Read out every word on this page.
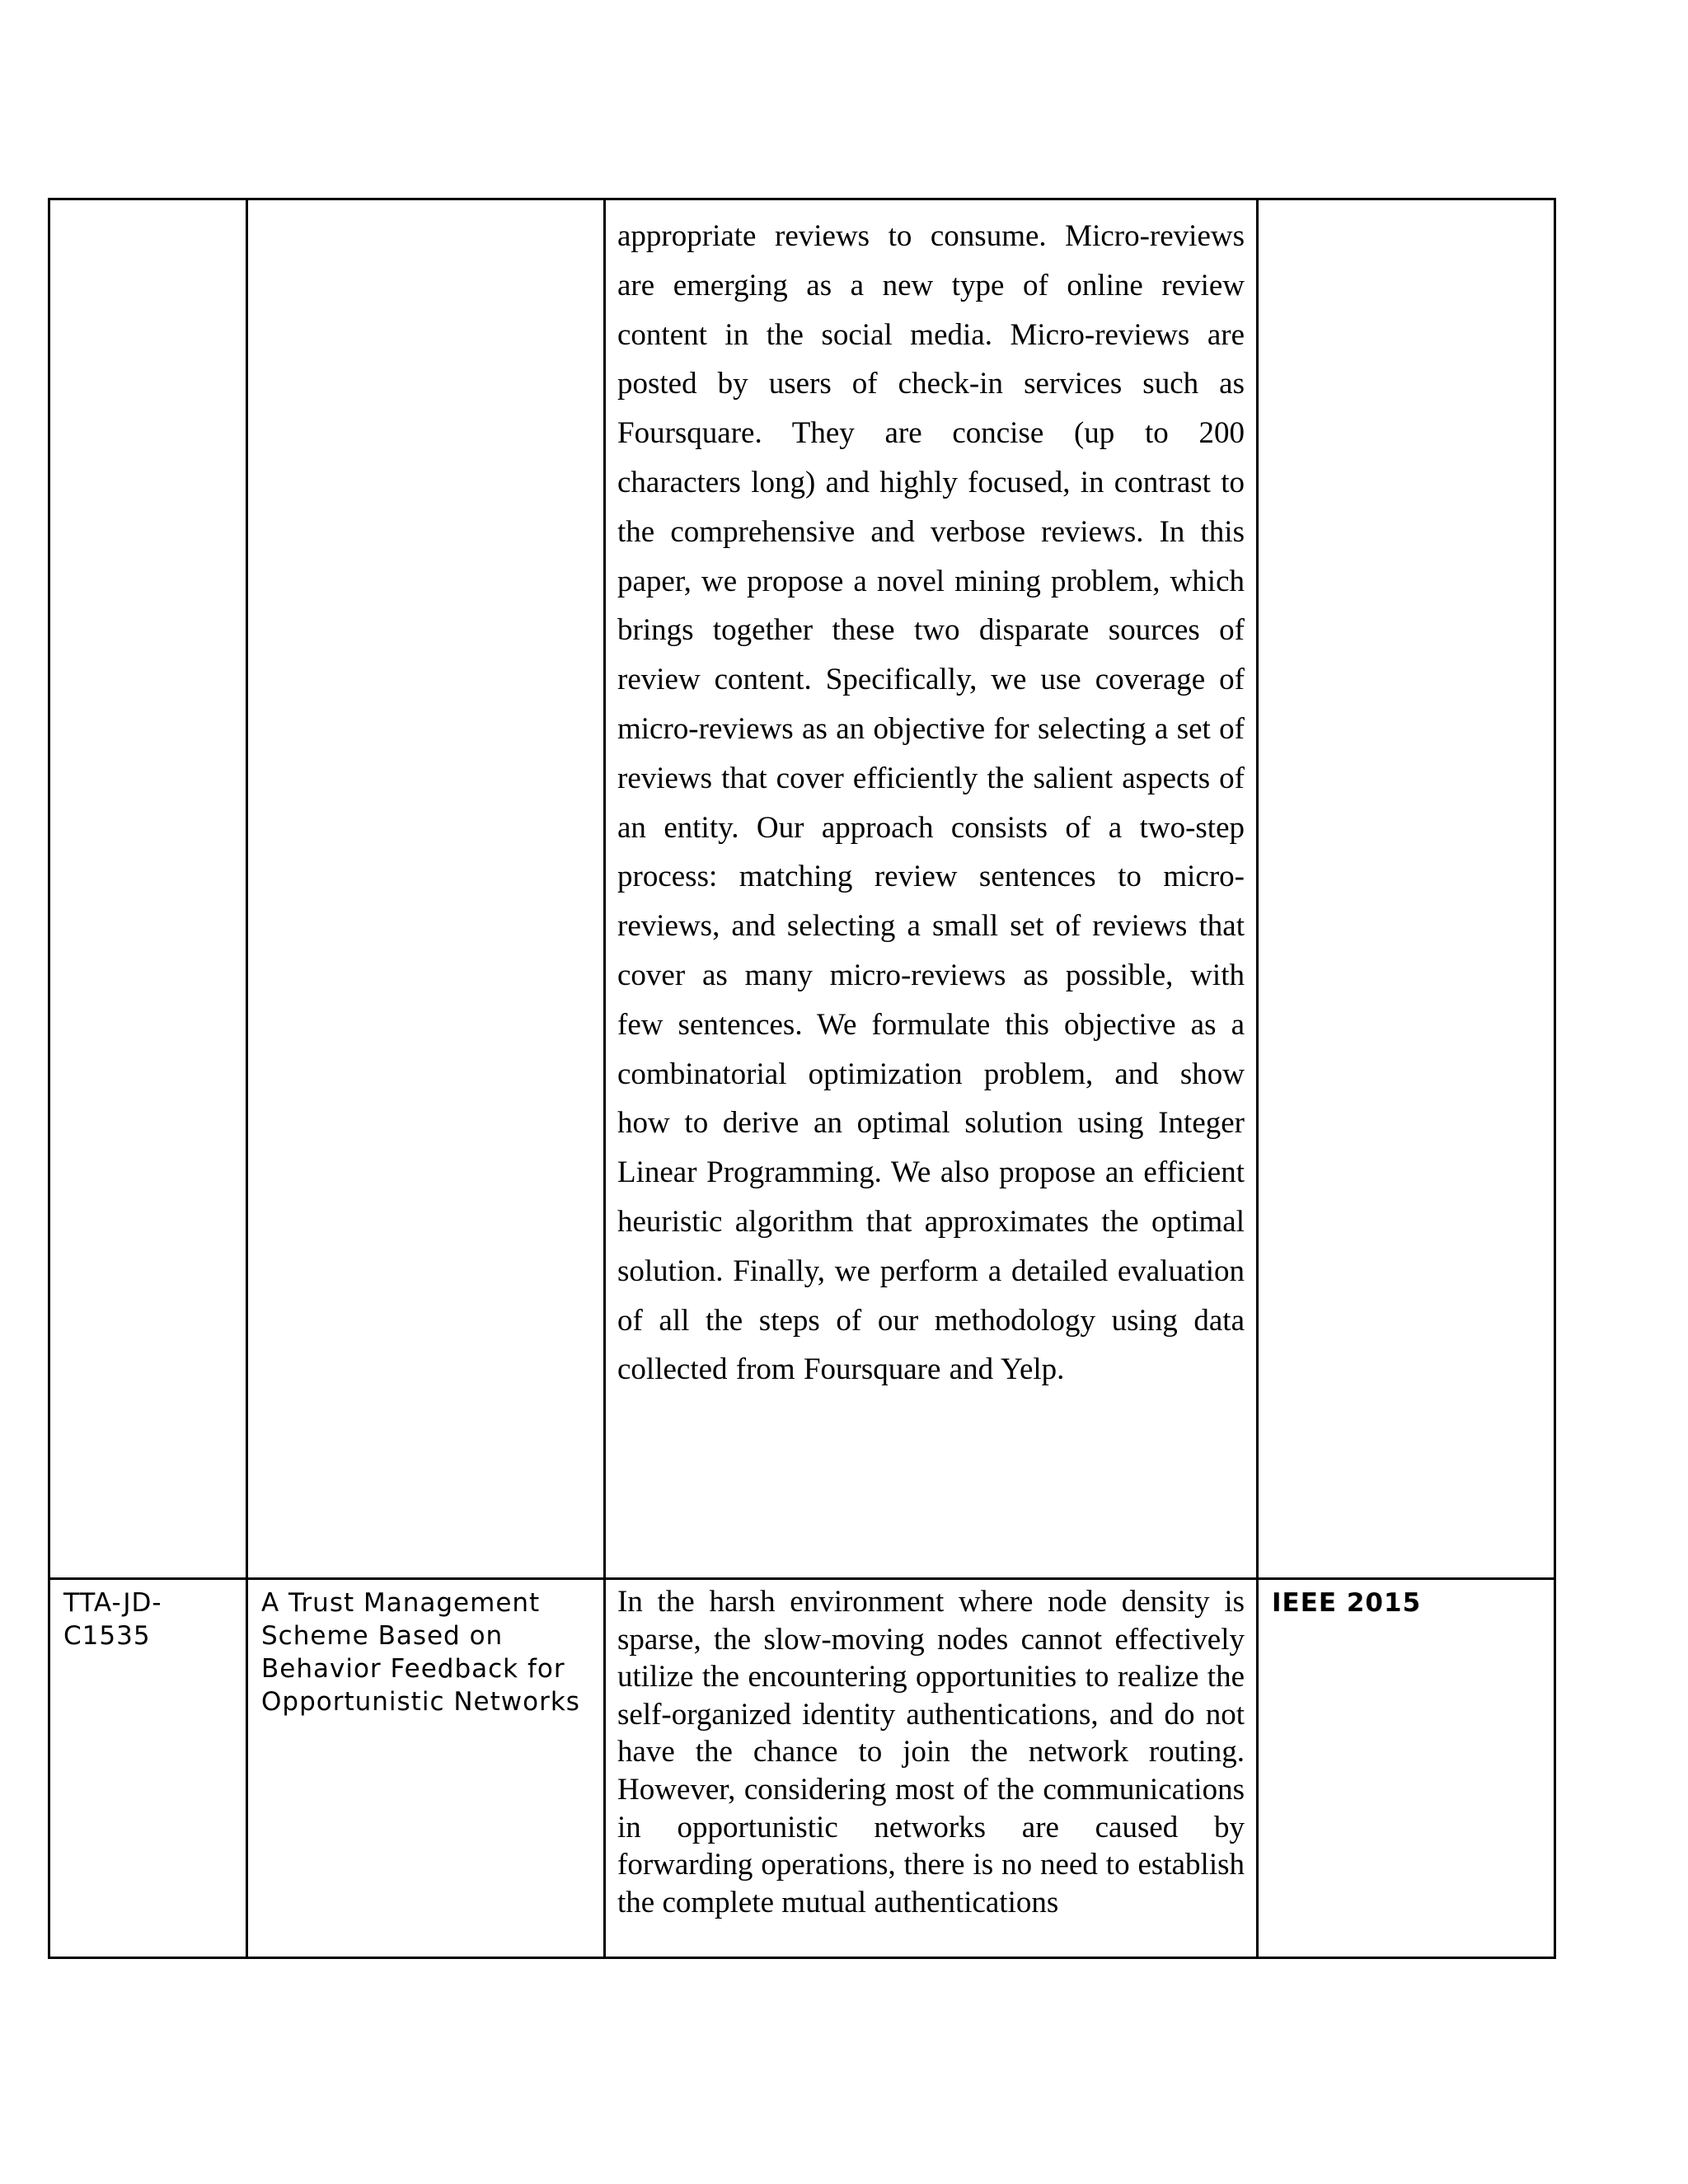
		appropriate reviews to consume. Micro-reviews are emerging as a new type of online review content in the social media. Micro-reviews are posted by users of check-in services such as Foursquare. They are concise (up to 200 characters long) and highly focused, in contrast to the comprehensive and verbose reviews. In this paper, we propose a novel mining problem, which brings together these two disparate sources of review content. Specifically, we use coverage of micro-reviews as an objective for selecting a set of reviews that cover efficiently the salient aspects of an entity. Our approach consists of a two-step process: matching review sentences to micro-reviews, and selecting a small set of reviews that cover as many micro-reviews as possible, with few sentences. We formulate this objective as a combinatorial optimization problem, and show how to derive an optimal solution using Integer Linear Programming. We also propose an efficient heuristic algorithm that approximates the optimal solution. Finally, we perform a detailed evaluation of all the steps of our methodology using data collected from Foursquare and Yelp.	

TTA-JD-C1535	A Trust Management Scheme Based on Behavior Feedback for Opportunistic Networks	In the harsh environment where node density is sparse, the slow-moving nodes cannot effectively utilize the encountering opportunities to realize the self-organized identity authentications, and do not have the chance to join the network routing. However, considering most of the communications in opportunistic networks are caused by forwarding operations, there is no need to establish the complete mutual authentications	IEEE 2015
